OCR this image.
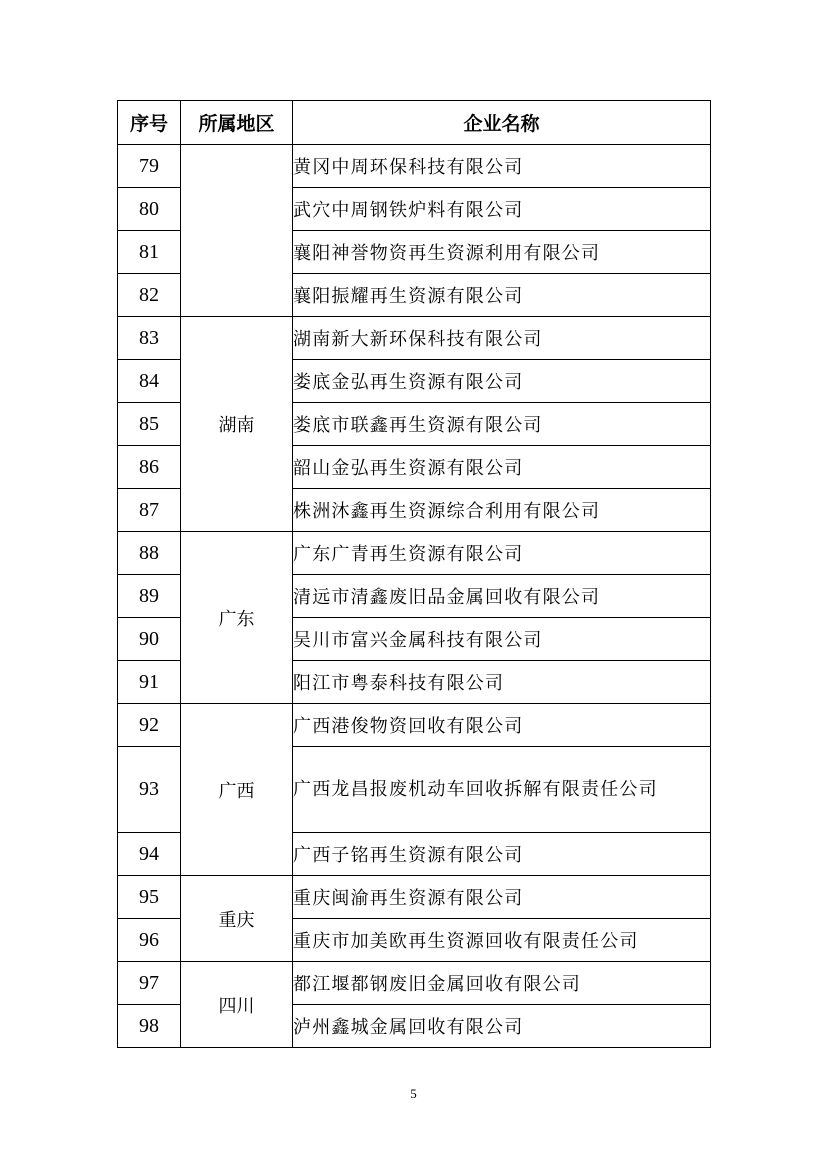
序号	所属地区	企业名称
79		黄冈中周环保科技有限公司
80		武穴中周钢铁炉料有限公司
81		襄阳神誉物资再生资源利用有限公司
82		襄阳振耀再生资源有限公司
83	湖南	湖南新大新环保科技有限公司
84		娄底金弘再生资源有限公司
85		娄底市联鑫再生资源有限公司
86		韶山金弘再生资源有限公司
87		株洲沐鑫再生资源综合利用有限公司
88	广东	广东广青再生资源有限公司
89		清远市清鑫废旧品金属回收有限公司
90		吴川市富兴金属科技有限公司
91		阳江市粤泰科技有限公司
92	广西	广西港俊物资回收有限公司
93		广西龙昌报废机动车回收拆解有限责任公司
94		广西子铭再生资源有限公司
95	重庆	重庆闽渝再生资源有限公司
96		重庆市加美欧再生资源回收有限责任公司
97	四川	都江堰都钢废旧金属回收有限公司
98		泸州鑫城金属回收有限公司
5
